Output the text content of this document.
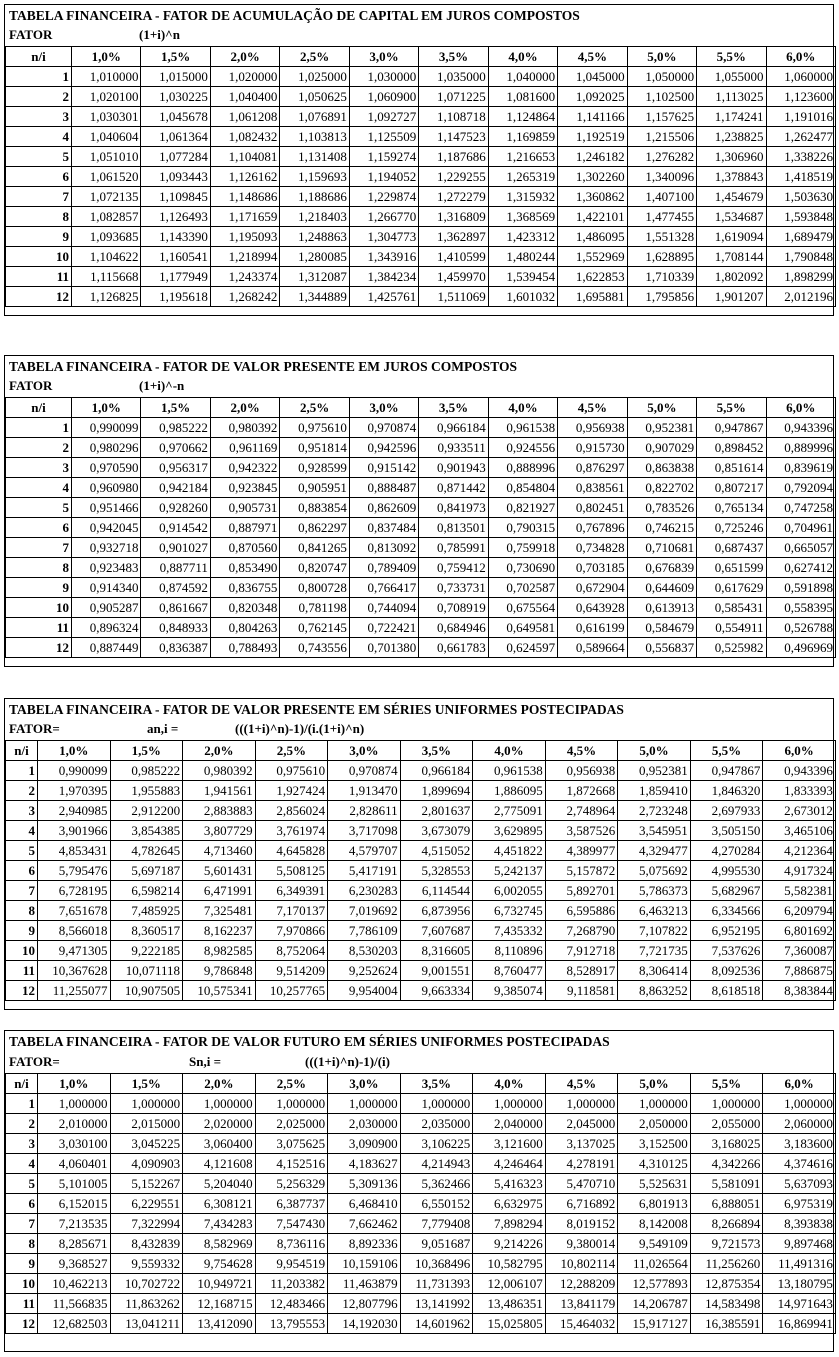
TABELA FINANCEIRA - FATOR DE ACUMULAÇÃO DE CAPITAL EM JUROS COMPOSTOS
FATOR	(1+i)^n
n/i	1,0%	1,5%	2,0%	2,5%	3,0%	3,5%	4,0%	4,5%	5,0%	5,5%	6,0%
1	1,010000	1,015000	1,020000	1,025000	1,030000	1,035000	1,040000	1,045000	1,050000	1,055000	1,060000
2	1,020100	1,030225	1,040400	1,050625	1,060900	1,071225	1,081600	1,092025	1,102500	1,113025	1,123600
3	1,030301	1,045678	1,061208	1,076891	1,092727	1,108718	1,124864	1,141166	1,157625	1,174241	1,191016
4	1,040604	1,061364	1,082432	1,103813	1,125509	1,147523	1,169859	1,192519	1,215506	1,238825	1,262477
5	1,051010	1,077284	1,104081	1,131408	1,159274	1,187686	1,216653	1,246182	1,276282	1,306960	1,338226
6	1,061520	1,093443	1,126162	1,159693	1,194052	1,229255	1,265319	1,302260	1,340096	1,378843	1,418519
7	1,072135	1,109845	1,148686	1,188686	1,229874	1,272279	1,315932	1,360862	1,407100	1,454679	1,503630
8	1,082857	1,126493	1,171659	1,218403	1,266770	1,316809	1,368569	1,422101	1,477455	1,534687	1,593848
9	1,093685	1,143390	1,195093	1,248863	1,304773	1,362897	1,423312	1,486095	1,551328	1,619094	1,689479
10	1,104622	1,160541	1,218994	1,280085	1,343916	1,410599	1,480244	1,552969	1,628895	1,708144	1,790848
11	1,115668	1,177949	1,243374	1,312087	1,384234	1,459970	1,539454	1,622853	1,710339	1,802092	1,898299
12	1,126825	1,195618	1,268242	1,344889	1,425761	1,511069	1,601032	1,695881	1,795856	1,901207	2,012196
TABELA FINANCEIRA - FATOR DE VALOR PRESENTE EM JUROS COMPOSTOS
FATOR	(1+i)^-n
n/i	1,0%	1,5%	2,0%	2,5%	3,0%	3,5%	4,0%	4,5%	5,0%	5,5%	6,0%
1	0,990099	0,985222	0,980392	0,975610	0,970874	0,966184	0,961538	0,956938	0,952381	0,947867	0,943396
2	0,980296	0,970662	0,961169	0,951814	0,942596	0,933511	0,924556	0,915730	0,907029	0,898452	0,889996
3	0,970590	0,956317	0,942322	0,928599	0,915142	0,901943	0,888996	0,876297	0,863838	0,851614	0,839619
4	0,960980	0,942184	0,923845	0,905951	0,888487	0,871442	0,854804	0,838561	0,822702	0,807217	0,792094
5	0,951466	0,928260	0,905731	0,883854	0,862609	0,841973	0,821927	0,802451	0,783526	0,765134	0,747258
6	0,942045	0,914542	0,887971	0,862297	0,837484	0,813501	0,790315	0,767896	0,746215	0,725246	0,704961
7	0,932718	0,901027	0,870560	0,841265	0,813092	0,785991	0,759918	0,734828	0,710681	0,687437	0,665057
8	0,923483	0,887711	0,853490	0,820747	0,789409	0,759412	0,730690	0,703185	0,676839	0,651599	0,627412
9	0,914340	0,874592	0,836755	0,800728	0,766417	0,733731	0,702587	0,672904	0,644609	0,617629	0,591898
10	0,905287	0,861667	0,820348	0,781198	0,744094	0,708919	0,675564	0,643928	0,613913	0,585431	0,558395
11	0,896324	0,848933	0,804263	0,762145	0,722421	0,684946	0,649581	0,616199	0,584679	0,554911	0,526788
12	0,887449	0,836387	0,788493	0,743556	0,701380	0,661783	0,624597	0,589664	0,556837	0,525982	0,496969
TABELA FINANCEIRA - FATOR DE VALOR PRESENTE EM SÉRIES UNIFORMES POSTECIPADAS
FATOR=	an,i =	(((1+i)^n)-1)/(i.(1+i)^n)
n/i	1,0%	1,5%	2,0%	2,5%	3,0%	3,5%	4,0%	4,5%	5,0%	5,5%	6,0%
1	0,990099	0,985222	0,980392	0,975610	0,970874	0,966184	0,961538	0,956938	0,952381	0,947867	0,943396
2	1,970395	1,955883	1,941561	1,927424	1,913470	1,899694	1,886095	1,872668	1,859410	1,846320	1,833393
3	2,940985	2,912200	2,883883	2,856024	2,828611	2,801637	2,775091	2,748964	2,723248	2,697933	2,673012
4	3,901966	3,854385	3,807729	3,761974	3,717098	3,673079	3,629895	3,587526	3,545951	3,505150	3,465106
5	4,853431	4,782645	4,713460	4,645828	4,579707	4,515052	4,451822	4,389977	4,329477	4,270284	4,212364
6	5,795476	5,697187	5,601431	5,508125	5,417191	5,328553	5,242137	5,157872	5,075692	4,995530	4,917324
7	6,728195	6,598214	6,471991	6,349391	6,230283	6,114544	6,002055	5,892701	5,786373	5,682967	5,582381
8	7,651678	7,485925	7,325481	7,170137	7,019692	6,873956	6,732745	6,595886	6,463213	6,334566	6,209794
9	8,566018	8,360517	8,162237	7,970866	7,786109	7,607687	7,435332	7,268790	7,107822	6,952195	6,801692
10	9,471305	9,222185	8,982585	8,752064	8,530203	8,316605	8,110896	7,912718	7,721735	7,537626	7,360087
11	10,367628	10,071118	9,786848	9,514209	9,252624	9,001551	8,760477	8,528917	8,306414	8,092536	7,886875
12	11,255077	10,907505	10,575341	10,257765	9,954004	9,663334	9,385074	9,118581	8,863252	8,618518	8,383844
TABELA FINANCEIRA - FATOR DE VALOR FUTURO EM SÉRIES UNIFORMES POSTECIPADAS
FATOR=	Sn,i =	(((1+i)^n)-1)/(i)
n/i	1,0%	1,5%	2,0%	2,5%	3,0%	3,5%	4,0%	4,5%	5,0%	5,5%	6,0%
1	1,000000	1,000000	1,000000	1,000000	1,000000	1,000000	1,000000	1,000000	1,000000	1,000000	1,000000
2	2,010000	2,015000	2,020000	2,025000	2,030000	2,035000	2,040000	2,045000	2,050000	2,055000	2,060000
3	3,030100	3,045225	3,060400	3,075625	3,090900	3,106225	3,121600	3,137025	3,152500	3,168025	3,183600
4	4,060401	4,090903	4,121608	4,152516	4,183627	4,214943	4,246464	4,278191	4,310125	4,342266	4,374616
5	5,101005	5,152267	5,204040	5,256329	5,309136	5,362466	5,416323	5,470710	5,525631	5,581091	5,637093
6	6,152015	6,229551	6,308121	6,387737	6,468410	6,550152	6,632975	6,716892	6,801913	6,888051	6,975319
7	7,213535	7,322994	7,434283	7,547430	7,662462	7,779408	7,898294	8,019152	8,142008	8,266894	8,393838
8	8,285671	8,432839	8,582969	8,736116	8,892336	9,051687	9,214226	9,380014	9,549109	9,721573	9,897468
9	9,368527	9,559332	9,754628	9,954519	10,159106	10,368496	10,582795	10,802114	11,026564	11,256260	11,491316
10	10,462213	10,702722	10,949721	11,203382	11,463879	11,731393	12,006107	12,288209	12,577893	12,875354	13,180795
11	11,566835	11,863262	12,168715	12,483466	12,807796	13,141992	13,486351	13,841179	14,206787	14,583498	14,971643
12	12,682503	13,041211	13,412090	13,795553	14,192030	14,601962	15,025805	15,464032	15,917127	16,385591	16,869941
